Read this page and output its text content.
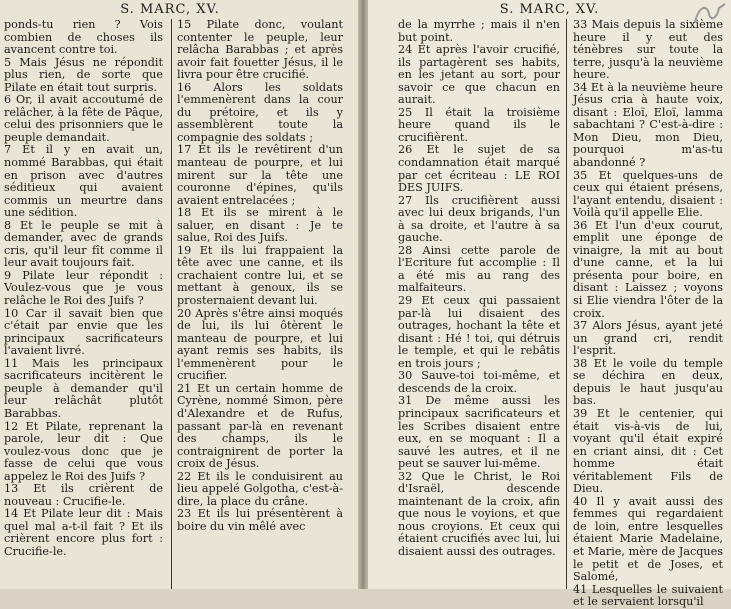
S. MARC, XV.

ponds-tu rien ? Vois combien de choses ils avancent contre toi.

5 Mais Jésus ne répondit plus rien, de sorte que Pilate en était tout surpris.

6 Or, il avait accoutumé de relâcher, à la fête de Pâque, celui des prisonniers que le peuple demandait.

7 Et il y en avait un, nommé Barabbas, qui était en prison avec d'autres séditieux qui avaient commis un meurtre dans une sédition.

8 Et le peuple se mit à demander, avec de grands cris, qu'il leur fît comme il leur avait toujours fait.

9 Pilate leur répondit : Voulez-vous que je vous relâche le Roi des Juifs ?

10 Car il savait bien que c'était par envie que les principaux sacrificateurs l'avaient livré.

11 Mais les principaux sacrificateurs incitèrent le peuple à demander qu'il leur relâchât plutôt Barabbas.

12 Et Pilate, reprenant la parole, leur dit : Que voulez-vous donc que je fasse de celui que vous appelez le Roi des Juifs ?

13 Et ils crièrent de nouveau : Crucifie-le.

14 Et Pilate leur dit : Mais quel mal a-t-il fait ? Et ils crièrent encore plus fort : Crucifie-le.

15 Pilate donc, voulant contenter le peuple, leur relâcha Barabbas ; et après avoir fait fouetter Jésus, il le livra pour être crucifié.

16 Alors les soldats l'emmenèrent dans la cour du prétoire, et ils y assemblèrent toute la compagnie des soldats ;

17 Et ils le revêtirent d'un manteau de pourpre, et lui mirent sur la tête une couronne d'épines, qu'ils avaient entrelacées ;

18 Et ils se mirent à le saluer, en disant : Je te salue, Roi des Juifs.

19 Et ils lui frappaient la tête avec une canne, et ils crachaient contre lui, et se mettant à genoux, ils se prosternaient devant lui.

20 Après s'être ainsi moqués de lui, ils lui ôtèrent le manteau de pourpre, et lui ayant remis ses habits, ils l'emmenèrent pour le crucifier.

21 Et un certain homme de Cyrène, nommé Simon, père d'Alexandre et de Rufus, passant par-là en revenant des champs, ils le contraignirent de porter la croix de Jésus.

22 Et ils le conduisirent au lieu appelé Golgotha, c'est-à-dire, la place du crâne.

23 Et ils lui présentèrent à boire du vin mêlé avec

S. MARC, XV.

de la myrrhe ; mais il n'en but point.

24 Et après l'avoir crucifié, ils partagèrent ses habits, en les jetant au sort, pour savoir ce que chacun en aurait.

25 Il était la troisième heure quand ils le crucifièrent.

26 Et le sujet de sa condamnation était marqué par cet écriteau : LE ROI DES JUIFS.

27 Ils crucifièrent aussi avec lui deux brigands, l'un à sa droite, et l'autre à sa gauche.

28 Ainsi cette parole de l'Ecriture fut accomplie : Il a été mis au rang des malfaiteurs.

29 Et ceux qui passaient par-là lui disaient des outrages, hochant la tête et disant : Hé ! toi, qui détruis le temple, et qui le rebâtis en trois jours ;

30 Sauve-toi toi-même, et descends de la croix.

31 De même aussi les principaux sacrificateurs et les Scribes disaient entre eux, en se moquant : Il a sauvé les autres, et il ne peut se sauver lui-même.

32 Que le Christ, le Roi d'Israël, descende maintenant de la croix, afin que nous le voyions, et que nous croyions. Et ceux qui étaient crucifiés avec lui, lui disaient aussi des outrages.

33 Mais depuis la sixième heure il y eut des ténèbres sur toute la terre, jusqu'à la neuvième heure.

34 Et à la neuvième heure Jésus cria à haute voix, disant : Eloï, Eloï, lamma sabachtani ? C'est-à-dire : Mon Dieu, mon Dieu, pourquoi m'as-tu abandonné ?

35 Et quelques-uns de ceux qui étaient présens, l'ayant entendu, disaient : Voilà qu'il appelle Elie.

36 Et l'un d'eux courut, emplit une éponge de vinaigre, la mit au bout d'une canne, et la lui présenta pour boire, en disant : Laissez ; voyons si Elie viendra l'ôter de la croix.

37 Alors Jésus, ayant jeté un grand cri, rendit l'esprit.

38 Et le voile du temple se déchira en deux, depuis le haut jusqu'au bas.

39 Et le centenier, qui était vis-à-vis de lui, voyant qu'il était expiré en criant ainsi, dit : Cet homme était véritablement Fils de Dieu.

40 Il y avait aussi des femmes qui regardaient de loin, entre lesquelles étaient Marie Madelaine, et Marie, mère de Jacques le petit et de Joses, et Salomé,

41 Lesquelles le suivaient et le servaient lorsqu'il
